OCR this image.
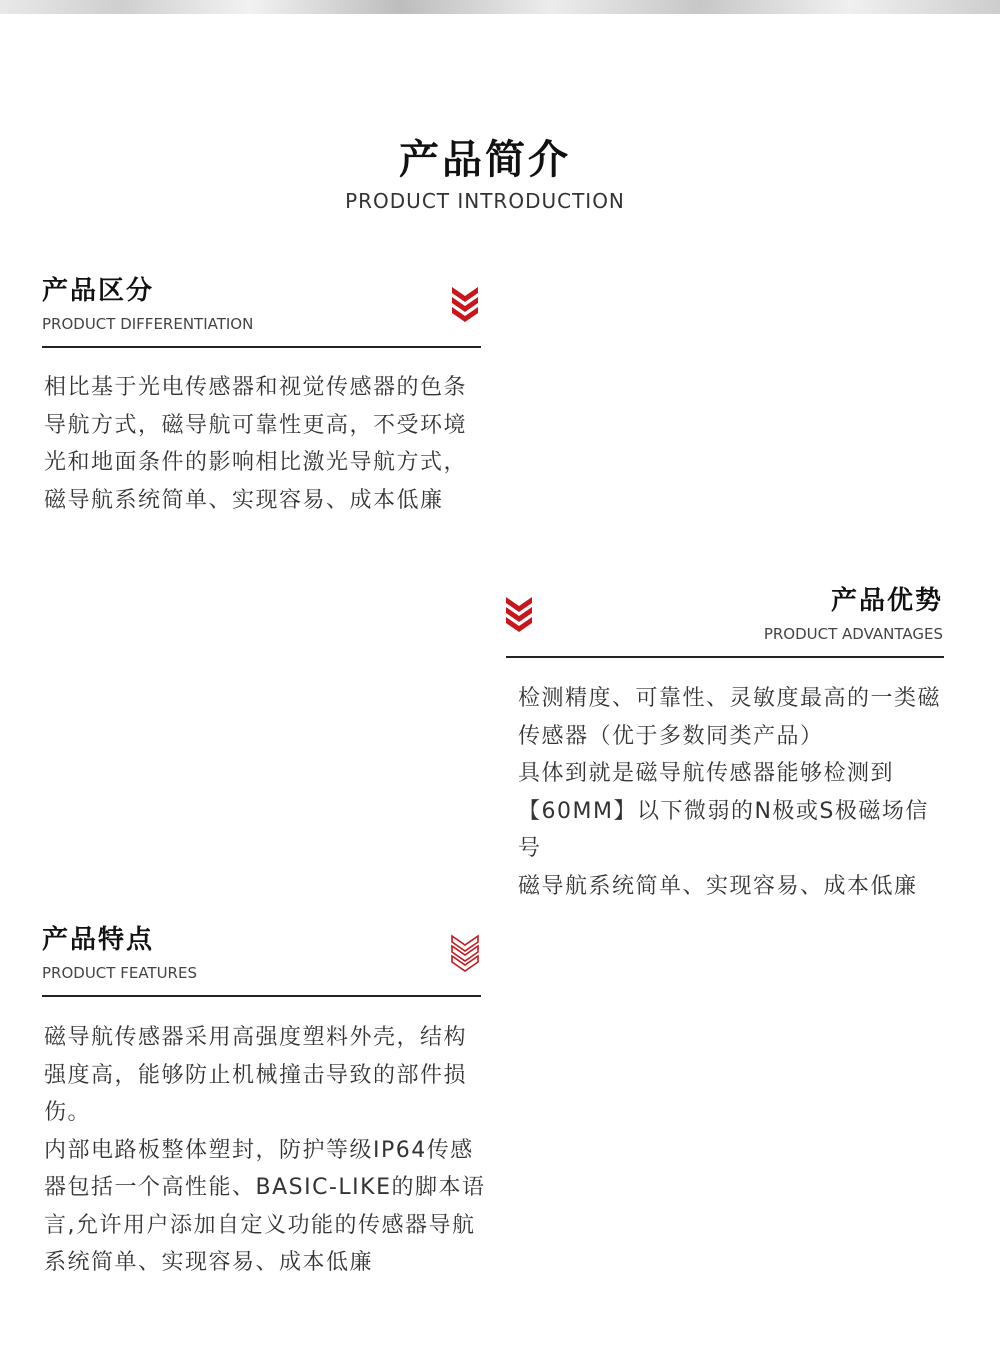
产品简介
PRODUCT INTRODUCTION
产品区分
PRODUCT DIFFERENTIATION
相比基于光电传感器和视觉传感器的色条导航方式，磁导航可靠性更高，不受环境光和地面条件的影响相比激光导航方式，磁导航系统简单、实现容易、成本低廉
产品优势
PRODUCT ADVANTAGES
检测精度、可靠性、灵敏度最高的一类磁传感器（优于多数同类产品）
具体到就是磁导航传感器能够检测到【60MM】以下微弱的N极或S极磁场信号
磁导航系统简单、实现容易、成本低廉
产品特点
PRODUCT FEATURES
磁导航传感器采用高强度塑料外壳，结构强度高，能够防止机械撞击导致的部件损伤。
内部电路板整体塑封，防护等级IP64传感器包括一个高性能、BASIC-LIKE的脚本语言,允许用户添加自定义功能的传感器导航系统简单、实现容易、成本低廉
